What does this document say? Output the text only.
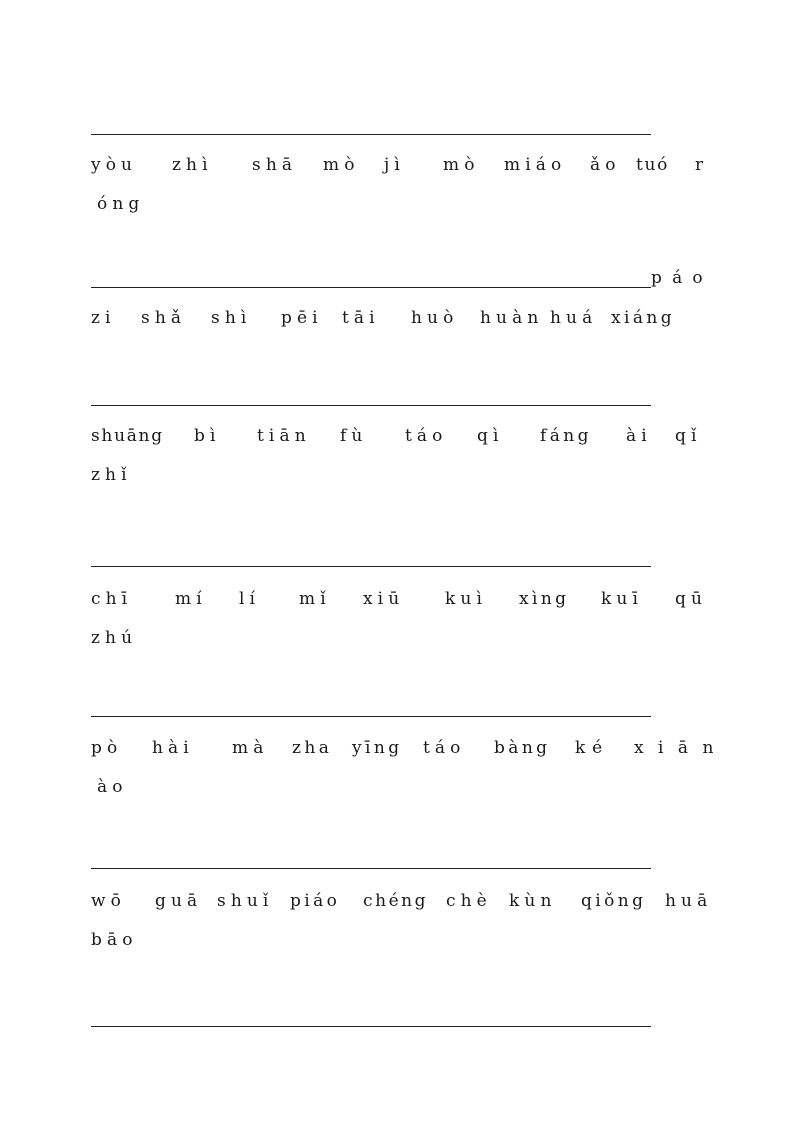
yòu zhì shā mò jì mò miáo ǎo tuó r
óng
páo
zi shǎ shì pēi tāi huò huàn huá xiáng
shuāng bì tiān fù táo qì fáng ài qǐ
zhǐ
chī	mí lí mǐ xiū kuì xìng kuī qū
zhú
pò hài mà zha yīng táo bàng ké xiān
ào
wō guā shuǐ piáo chéng chè kùn qiǒng huā
bāo
